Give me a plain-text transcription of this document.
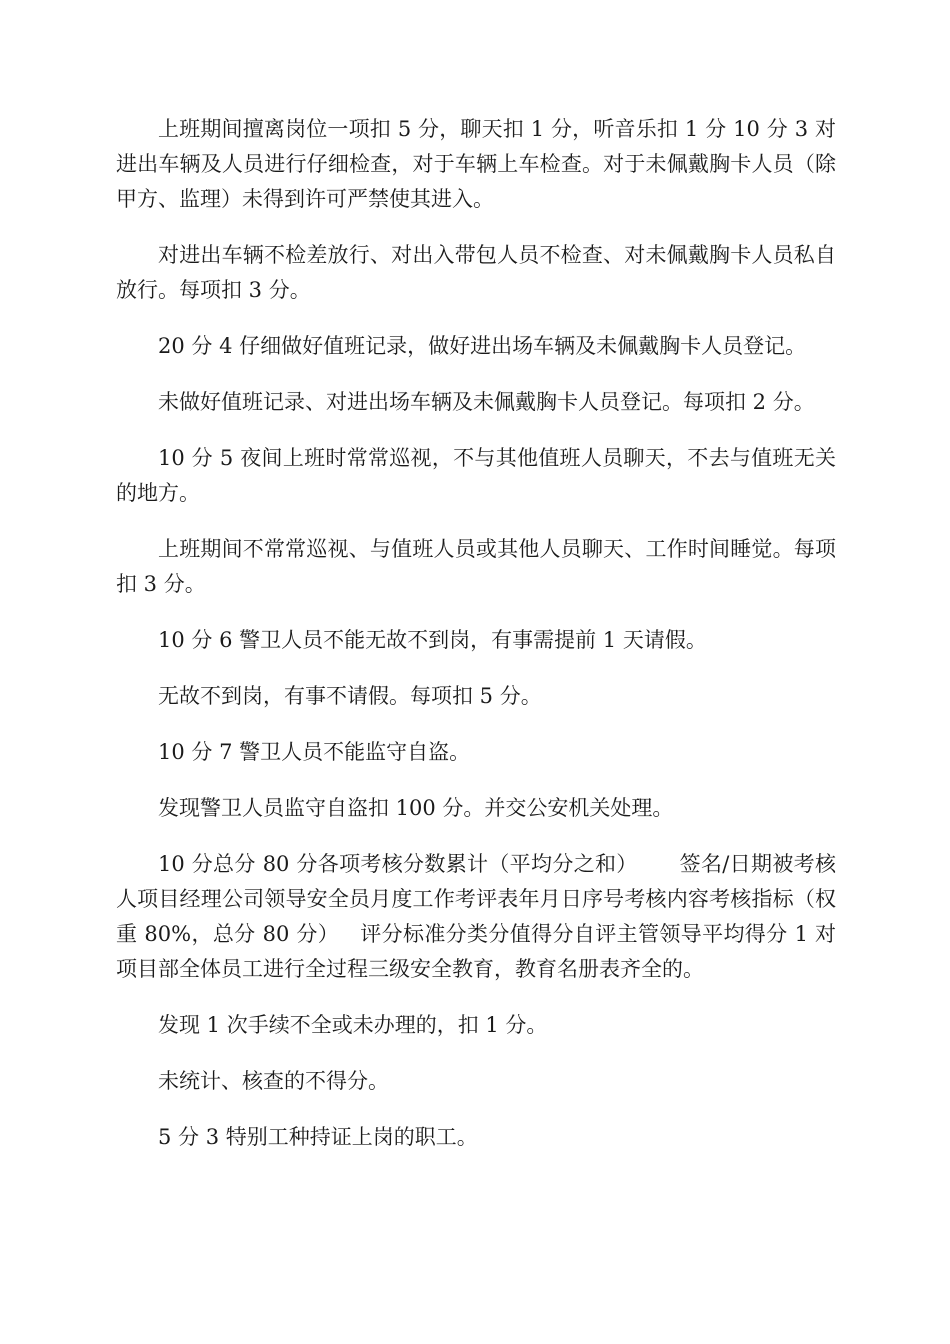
上班期间擅离岗位一项扣 5 分，聊天扣 1 分，听音乐扣 1 分 10 分 3 对进出车辆及人员进行仔细检查，对于车辆上车检查。对于未佩戴胸卡人员（除甲方、监理）未得到许可严禁使其进入。

对进出车辆不检差放行、对出入带包人员不检查、对未佩戴胸卡人员私自放行。每项扣 3 分。

20 分 4 仔细做好值班记录，做好进出场车辆及未佩戴胸卡人员登记。

未做好值班记录、对进出场车辆及未佩戴胸卡人员登记。每项扣 2 分。

10 分 5 夜间上班时常常巡视，不与其他值班人员聊天，不去与值班无关的地方。

上班期间不常常巡视、与值班人员或其他人员聊天、工作时间睡觉。每项扣 3 分。

10 分 6 警卫人员不能无故不到岗，有事需提前 1 天请假。

无故不到岗，有事不请假。每项扣 5 分。

10 分 7 警卫人员不能监守自盗。

发现警卫人员监守自盗扣 100 分。并交公安机关处理。

10 分总分 80 分各项考核分数累计（平均分之和）      签名/日期被考核人项目经理公司领导安全员月度工作考评表年月日序号考核内容考核指标（权重 80%，总分 80 分）   评分标准分类分值得分自评主管领导平均得分 1 对项目部全体员工进行全过程三级安全教育，教育名册表齐全的。

发现 1 次手续不全或未办理的，扣 1 分。

未统计、核查的不得分。

5 分 3 特别工种持证上岗的职工。
